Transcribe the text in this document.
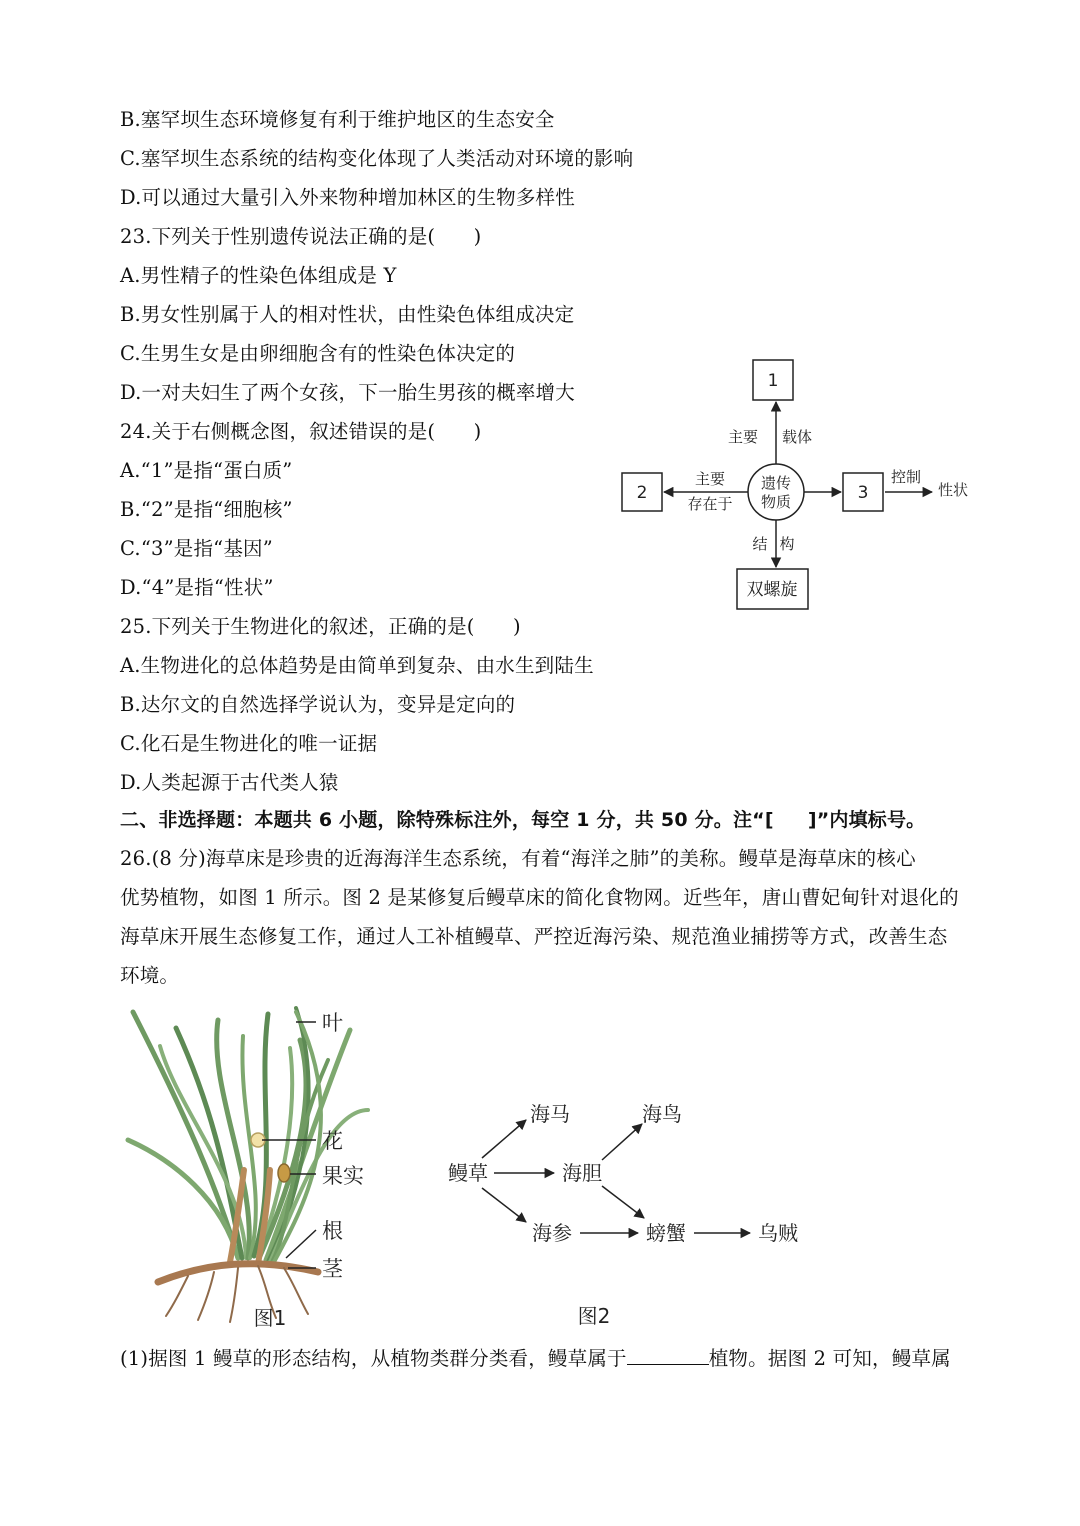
B.塞罕坝生态环境修复有利于维护地区的生态安全
C.塞罕坝生态系统的结构变化体现了人类活动对环境的影响
D.可以通过大量引入外来物种增加林区的生物多样性
23.下列关于性别遗传说法正确的是(      )
A.男性精子的性染色体组成是 Y
B.男女性别属于人的相对性状，由性染色体组成决定
C.生男生女是由卵细胞含有的性染色体决定的
D.一对夫妇生了两个女孩，下一胎生男孩的概率增大
24.关于右侧概念图，叙述错误的是(      )
A.“1”是指“蛋白质”
B.“2”是指“细胞核”
C.“3”是指“基因”
D.“4”是指“性状”
25.下列关于生物进化的叙述，正确的是(      )
A.生物进化的总体趋势是由简单到复杂、由水生到陆生
B.达尔文的自然选择学说认为，变异是定向的
C.化石是生物进化的唯一证据
D.人类起源于古代类人猿
二、非选择题：本题共 6 小题，除特殊标注外，每空 1 分，共 50 分。注“[     ]”内填标号。
26.(8 分)海草床是珍贵的近海海洋生态系统，有着“海洋之肺”的美称。鳗草是海草床的核心
优势植物，如图 1 所示。图 2 是某修复后鳗草床的简化食物网。近些年，唐山曹妃甸针对退化的
海草床开展生态修复工作，通过人工补植鳗草、严控近海污染、规范渔业捕捞等方式，改善生态
环境。
(1)据图 1 鳗草的形态结构，从植物类群分类看，鳗草属于	植物。据图 2 可知，鳗草属
1
2	3
遗传
物质
双螺旋
主要 载体
主要
存在于
控制
性状
结 构
叶
花
果实
根
茎
图1
鳗草
海马
海胆
海参
海鸟
螃蟹	乌贼
图2
